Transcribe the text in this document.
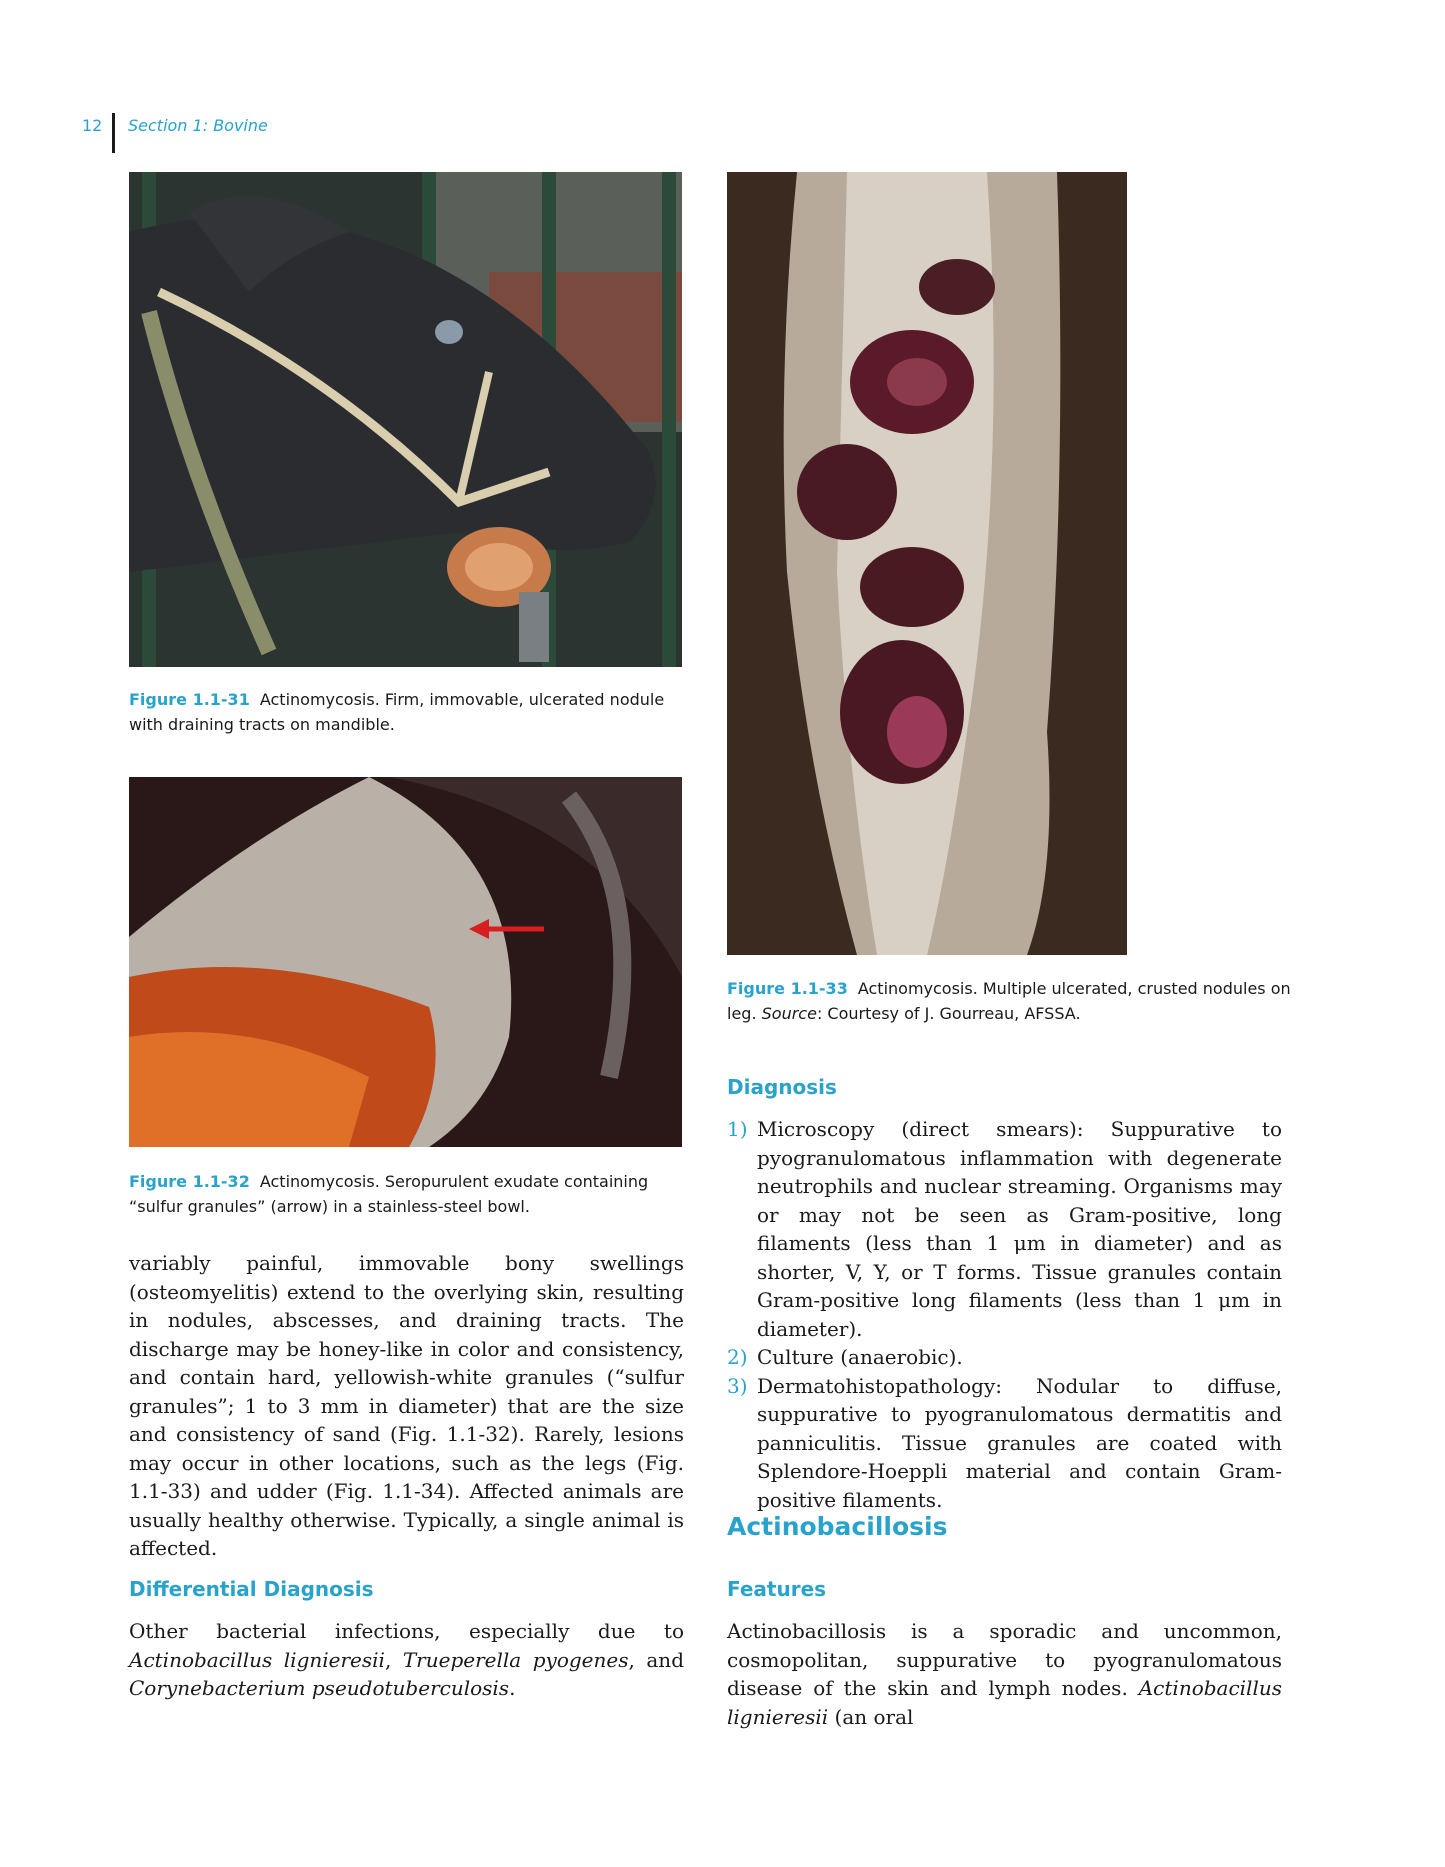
12 Section 1: Bovine
Figure 1.1-31 Actinomycosis. Firm, immovable, ulcerated nodule with draining tracts on mandible.
Figure 1.1-32 Actinomycosis. Seropurulent exudate containing “sulfur granules” (arrow) in a stainless-steel bowl.
Figure 1.1-33 Actinomycosis. Multiple ulcerated, crusted nodules on leg. Source: Courtesy of J. Gourreau, AFSSA.
variably painful, immovable bony swellings (osteomyelitis) extend to the overlying skin, resulting in nodules, abscesses, and draining tracts. The discharge may be honey-like in color and consistency, and contain hard, yellowish-white granules (“sulfur granules”; 1 to 3 mm in diameter) that are the size and consistency of sand (Fig. 1.1-32). Rarely, lesions may occur in other locations, such as the legs (Fig. 1.1-33) and udder (Fig. 1.1-34). Affected animals are usually healthy otherwise. Typically, a single animal is affected.
Differential Diagnosis
Other bacterial infections, especially due to Actinobacillus lignieresii, Trueperella pyogenes, and Corynebacterium pseudotuberculosis.
Diagnosis
1) Microscopy (direct smears): Suppurative to pyogranulomatous inflammation with degenerate neutrophils and nuclear streaming. Organisms may or may not be seen as Gram-positive, long filaments (less than 1 μm in diameter) and as shorter, V, Y, or T forms. Tissue granules contain Gram-positive long filaments (less than 1 μm in diameter).
2) Culture (anaerobic).
3) Dermatohistopathology: Nodular to diffuse, suppurative to pyogranulomatous dermatitis and panniculitis. Tissue granules are coated with Splendore-Hoeppli material and contain Gram-positive filaments.
Actinobacillosis
Features
Actinobacillosis is a sporadic and uncommon, cosmopolitan, suppurative to pyogranulomatous disease of the skin and lymph nodes. Actinobacillus lignieresii (an oral
